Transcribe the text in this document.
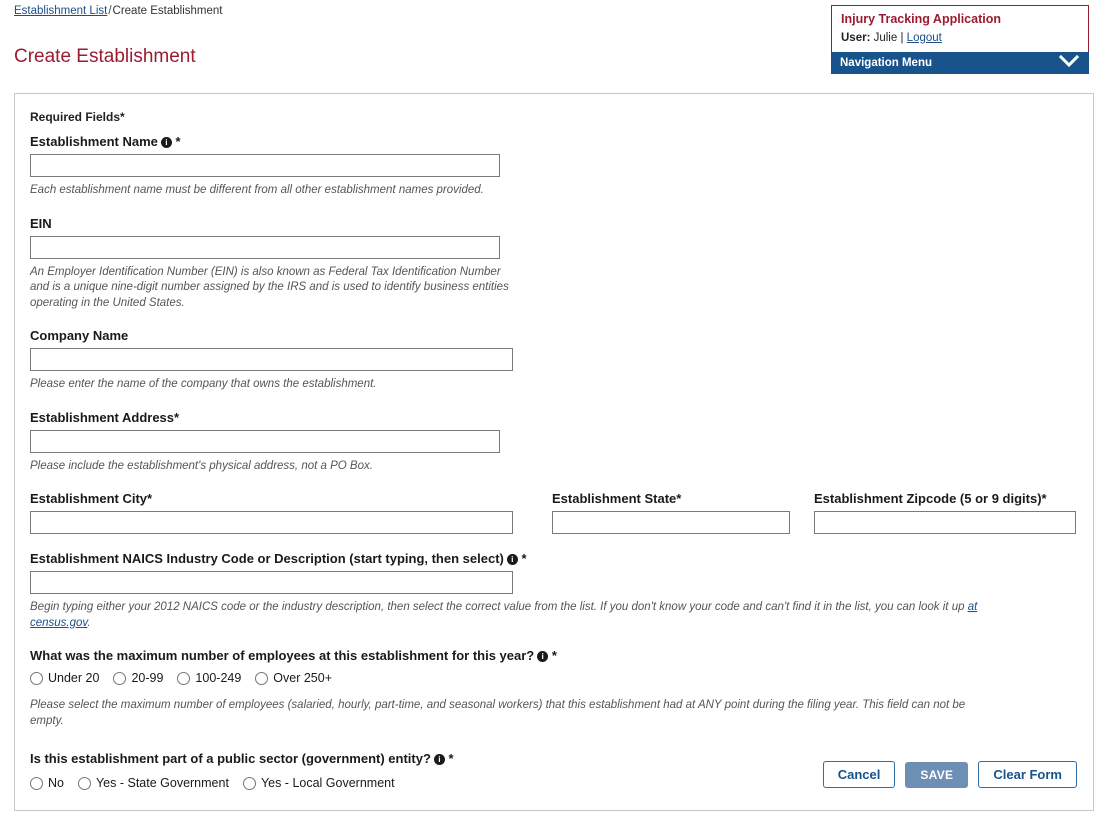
Establishment List/Create Establishment
Create Establishment
Injury Tracking Application
User: Julie | Logout
Navigation Menu
Required Fields*
Establishment Name i *

Each establishment name must be different from all other establishment names provided.

EIN

An Employer Identification Number (EIN) is also known as Federal Tax Identification Number and is a unique nine-digit number assigned by the IRS and is used to identify business entities operating in the United States.

Company Name

Please enter the name of the company that owns the establishment.

Establishment Address*

Please include the establishment's physical address, not a PO Box.

Establishment City*	Establishment State*	Establishment Zipcode (5 or 9 digits)*
Establishment NAICS Industry Code or Description (start typing, then select) i *

Begin typing either your 2012 NAICS code or the industry description, then select the correct value from the list. If you don't know your code and can't find it in the list, you can look it up at census.gov.

What was the maximum number of employees at this establishment for this year? i *
Under 20	20-99	100-249	Over 250+

Please select the maximum number of employees (salaried, hourly, part-time, and seasonal workers) that this establishment had at ANY point during the filing year. This field can not be empty.

Is this establishment part of a public sector (government) entity? i *
No	Yes - State Government	Yes - Local Government
Cancel	SAVE	Clear Form
